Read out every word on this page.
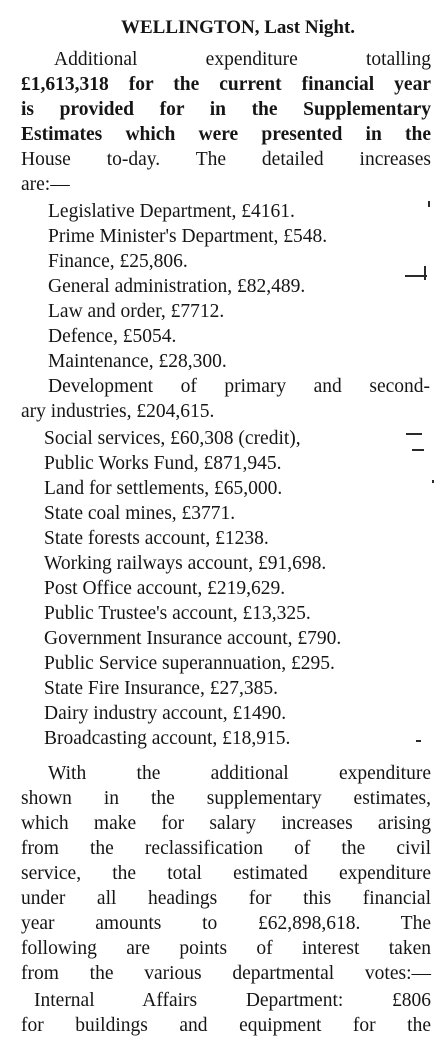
WELLINGTON, Last Night.
Additional expenditure totalling
£1,613,318 for the current financial year
is provided for in the Supplementary
Estimates which were presented in the
House to-day. The detailed increases
are:—
Legislative Department, £4161.
Prime Minister's Department, £548.
Finance, £25,806.
General administration, £82,489.
Law and order, £7712.
Defence, £5054.
Maintenance, £28,300.
Development of primary and second-
ary industries, £204,615.
Social services, £60,308 (credit),
Public Works Fund, £871,945.
Land for settlements, £65,000.
State coal mines, £3771.
State forests account, £1238.
Working railways account, £91,698.
Post Office account, £219,629.
Public Trustee's account, £13,325.
Government Insurance account, £790.
Public Service superannuation, £295.
State Fire Insurance, £27,385.
Dairy industry account, £1490.
Broadcasting account, £18,915.
With the additional expenditure
shown in the supplementary estimates,
which make for salary increases arising
from the reclassification of the civil
service, the total estimated expenditure
under all headings for this financial
year amounts to £62,898,618. The
following are points of interest taken
from the various departmental votes:—
Internal Affairs Department: £806
for buildings and equipment for the
